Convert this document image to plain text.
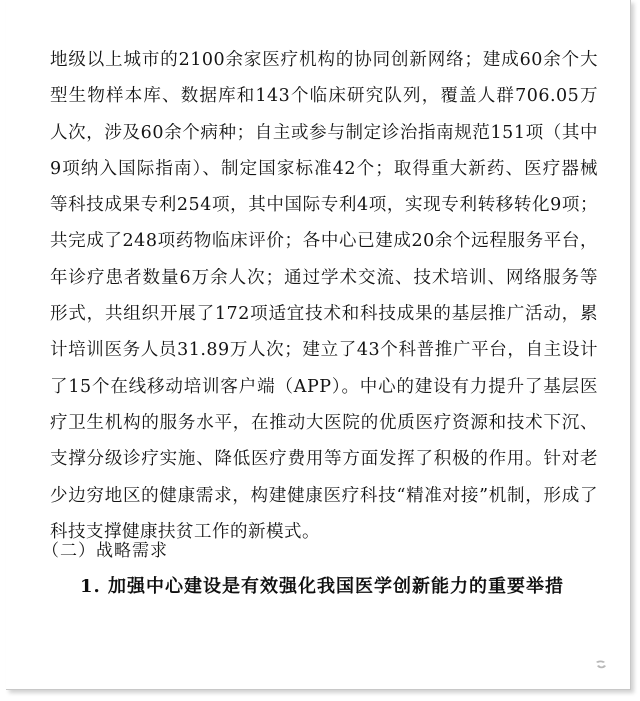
地级以上城市的2100余家医疗机构的协同创新网络；建成60余个大型生物样本库、数据库和143个临床研究队列，覆盖人群706.05万人次，涉及60余个病种；自主或参与制定诊治指南规范151项（其中9项纳入国际指南）、制定国家标准42个；取得重大新药、医疗器械等科技成果专利254项，其中国际专利4项，实现专利转移转化9项；共完成了248项药物临床评价；各中心已建成20余个远程服务平台，年诊疗患者数量6万余人次；通过学术交流、技术培训、网络服务等形式，共组织开展了172项适宜技术和科技成果的基层推广活动，累计培训医务人员31.89万人次；建立了43个科普推广平台，自主设计了15个在线移动培训客户端（APP）。中心的建设有力提升了基层医疗卫生机构的服务水平，在推动大医院的优质医疗资源和技术下沉、支撑分级诊疗实施、降低医疗费用等方面发挥了积极的作用。针对老少边穷地区的健康需求，构建健康医疗科技“精准对接”机制，形成了科技支撑健康扶贫工作的新模式。

（二）战略需求

1. 加强中心建设是有效强化我国医学创新能力的重要举措
